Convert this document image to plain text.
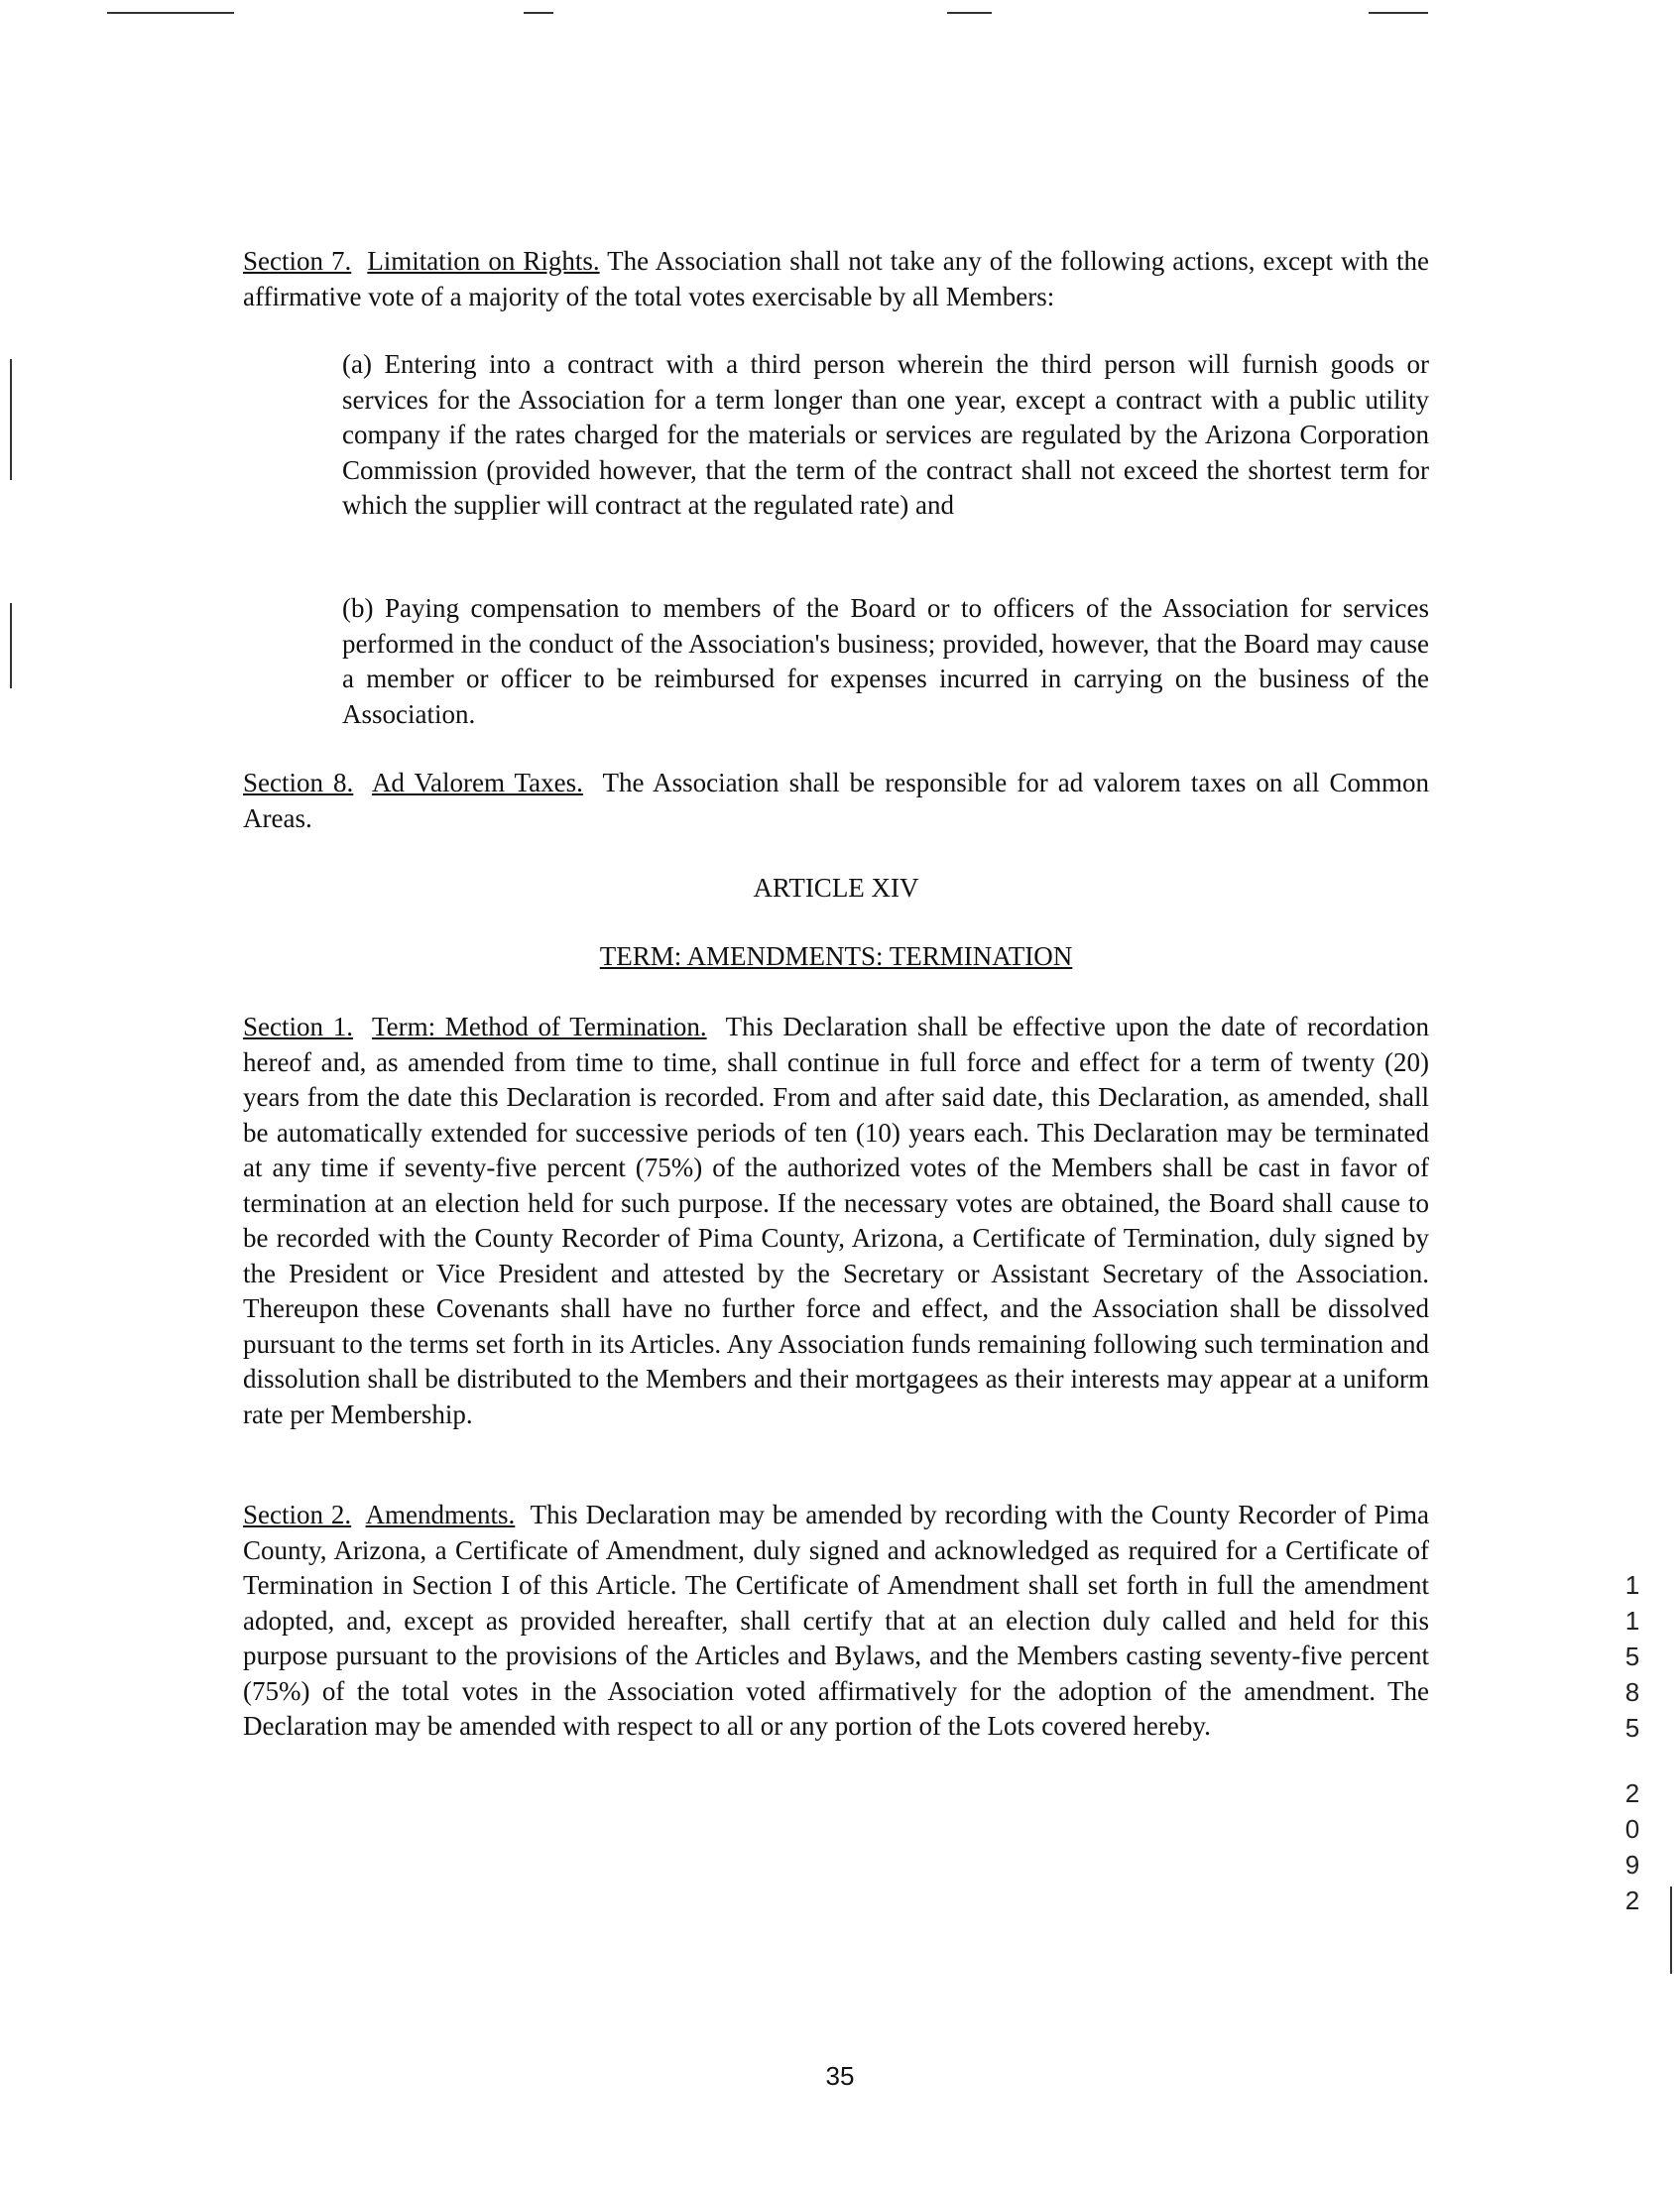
Section 7. Limitation on Rights. The Association shall not take any of the following actions, except with the affirmative vote of a majority of the total votes exercisable by all Members:
(a) Entering into a contract with a third person wherein the third person will furnish goods or services for the Association for a term longer than one year, except a contract with a public utility company if the rates charged for the materials or services are regulated by the Arizona Corporation Commission (provided however, that the term of the contract shall not exceed the shortest term for which the supplier will contract at the regulated rate) and
(b) Paying compensation to members of the Board or to officers of the Association for services performed in the conduct of the Association's business; provided, however, that the Board may cause a member or officer to be reimbursed for expenses incurred in carrying on the business of the Association.
Section 8. Ad Valorem Taxes. The Association shall be responsible for ad valorem taxes on all Common Areas.
ARTICLE XIV
TERM: AMENDMENTS: TERMINATION
Section 1. Term: Method of Termination. This Declaration shall be effective upon the date of recordation hereof and, as amended from time to time, shall continue in full force and effect for a term of twenty (20) years from the date this Declaration is recorded. From and after said date, this Declaration, as amended, shall be automatically extended for successive periods of ten (10) years each. This Declaration may be terminated at any time if seventy-five percent (75%) of the authorized votes of the Members shall be cast in favor of termination at an election held for such purpose. If the necessary votes are obtained, the Board shall cause to be recorded with the County Recorder of Pima County, Arizona, a Certificate of Termination, duly signed by the President or Vice President and attested by the Secretary or Assistant Secretary of the Association. Thereupon these Covenants shall have no further force and effect, and the Association shall be dissolved pursuant to the terms set forth in its Articles. Any Association funds remaining following such termination and dissolution shall be distributed to the Members and their mortgagees as their interests may appear at a uniform rate per Membership.
Section 2. Amendments. This Declaration may be amended by recording with the County Recorder of Pima County, Arizona, a Certificate of Amendment, duly signed and acknowledged as required for a Certificate of Termination in Section I of this Article. The Certificate of Amendment shall set forth in full the amendment adopted, and, except as provided hereafter, shall certify that at an election duly called and held for this purpose pursuant to the provisions of the Articles and Bylaws, and the Members casting seventy-five percent (75%) of the total votes in the Association voted affirmatively for the adoption of the amendment. The Declaration may be amended with respect to all or any portion of the Lots covered hereby.
1
1
5
8
5
2
0
9
2
35
